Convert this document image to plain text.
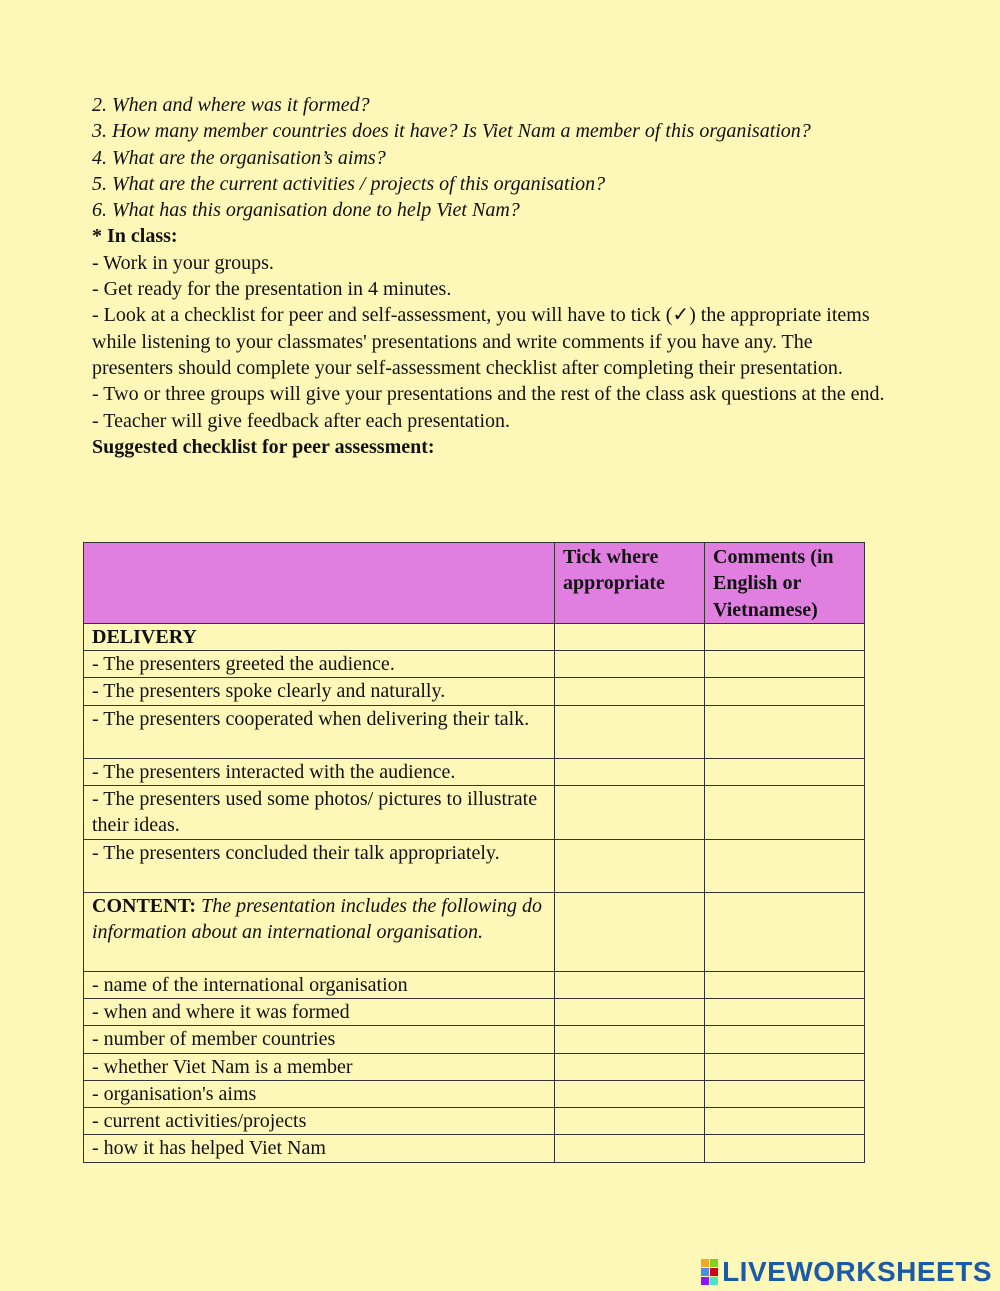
2. When and where was it formed?
3. How many member countries does it have? Is Viet Nam a member of this organisation?
4. What are the organisation’s aims?
5. What are the current activities / projects of this organisation?
6. What has this organisation done to help Viet Nam?
* In class:
- Work in your groups.
- Get ready for the presentation in 4 minutes.
- Look at a checklist for peer and self-assessment, you will have to tick (✓) the appropriate items while listening to your classmates' presentations and write comments if you have any. The presenters should complete your self-assessment checklist after completing their presentation.
- Two or three groups will give your presentations and the rest of the class ask questions at the end.
- Teacher will give feedback after each presentation.
Suggested checklist for peer assessment:
	Tick where appropriate	Comments (in English or Vietnamese)
DELIVERY		
- The presenters greeted the audience.		
- The presenters spoke clearly and naturally.		
- The presenters cooperated when delivering their talk.		
- The presenters interacted with the audience.		
- The presenters used some photos/ pictures to illustrate their ideas.		
- The presenters concluded their talk appropriately.		
CONTENT: The presentation includes the following do information about an international organisation.		
- name of the international organisation		
- when and where it was formed		
- number of member countries		
- whether Viet Nam is a member		
- organisation's aims		
- current activities/projects		
- how it has helped Viet Nam		
LIVEWORKSHEETS
